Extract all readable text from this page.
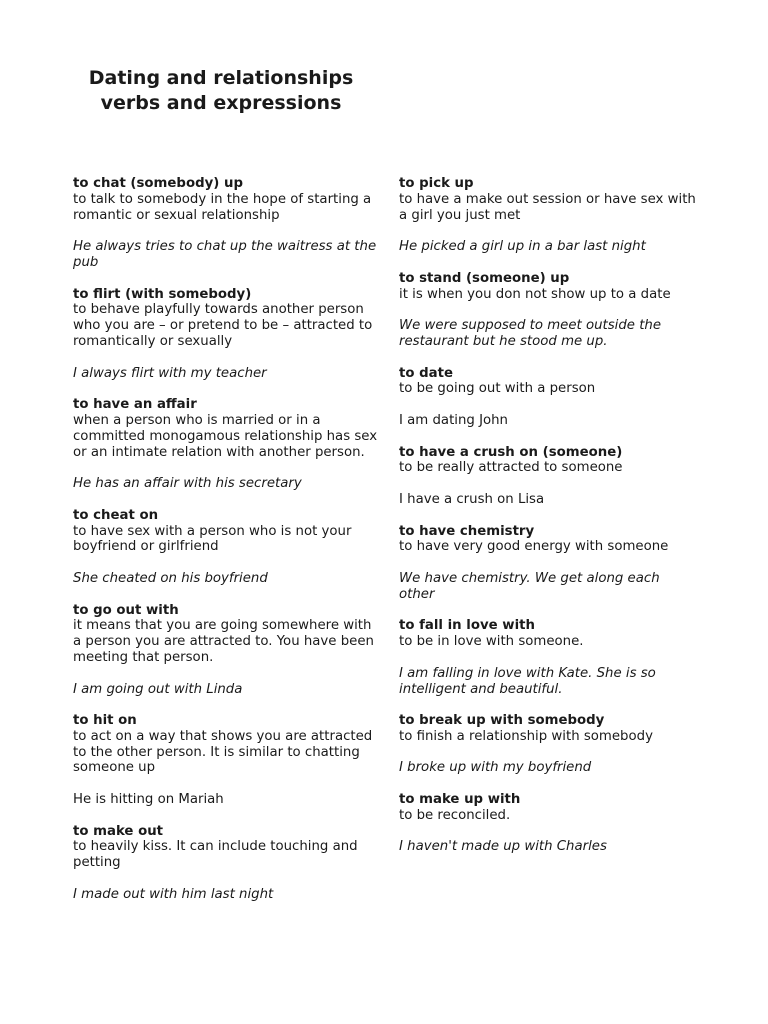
Dating and relationships
verbs and expressions
to chat (somebody) up
to talk to somebody in the hope of starting a romantic or sexual relationship
He always tries to chat up the waitress at the pub
to flirt (with somebody)
to behave playfully towards another person who you are – or pretend to be – attracted to romantically or sexually
I always flirt with my teacher
to have an affair
when a person who is married or in a committed monogamous relationship has sex or an intimate relation with another person.
He has an affair with his secretary
to cheat on
to have sex with a person who is not your boyfriend or girlfriend
She cheated on his boyfriend
to go out with
it means that you are going somewhere with a person you are attracted to. You have been meeting that person.
I am going out with Linda
to hit on
to act on a way that shows you are attracted to the other person. It is similar to chatting someone up
He is hitting on Mariah
to make out
to heavily kiss. It can include touching and petting
I made out with him last night
to pick up
to have a make out session or have sex with a girl you just met
He picked a girl up in a bar last night
to stand (someone) up
it is when you don not show up to a date
We were supposed to meet outside the restaurant but he stood me up.
to date
to be going out with a person
I am dating John
to have a crush on (someone)
to be really attracted to someone
I have a crush on Lisa
to have chemistry
to have very good energy with someone
We have chemistry. We get along each other
to fall in love with
to be in love with someone.
I am falling in love with Kate. She is so intelligent and beautiful.
to break up with somebody
to finish a relationship with somebody
I broke up with my boyfriend
to make up with
to be reconciled.
I haven't made up with Charles
